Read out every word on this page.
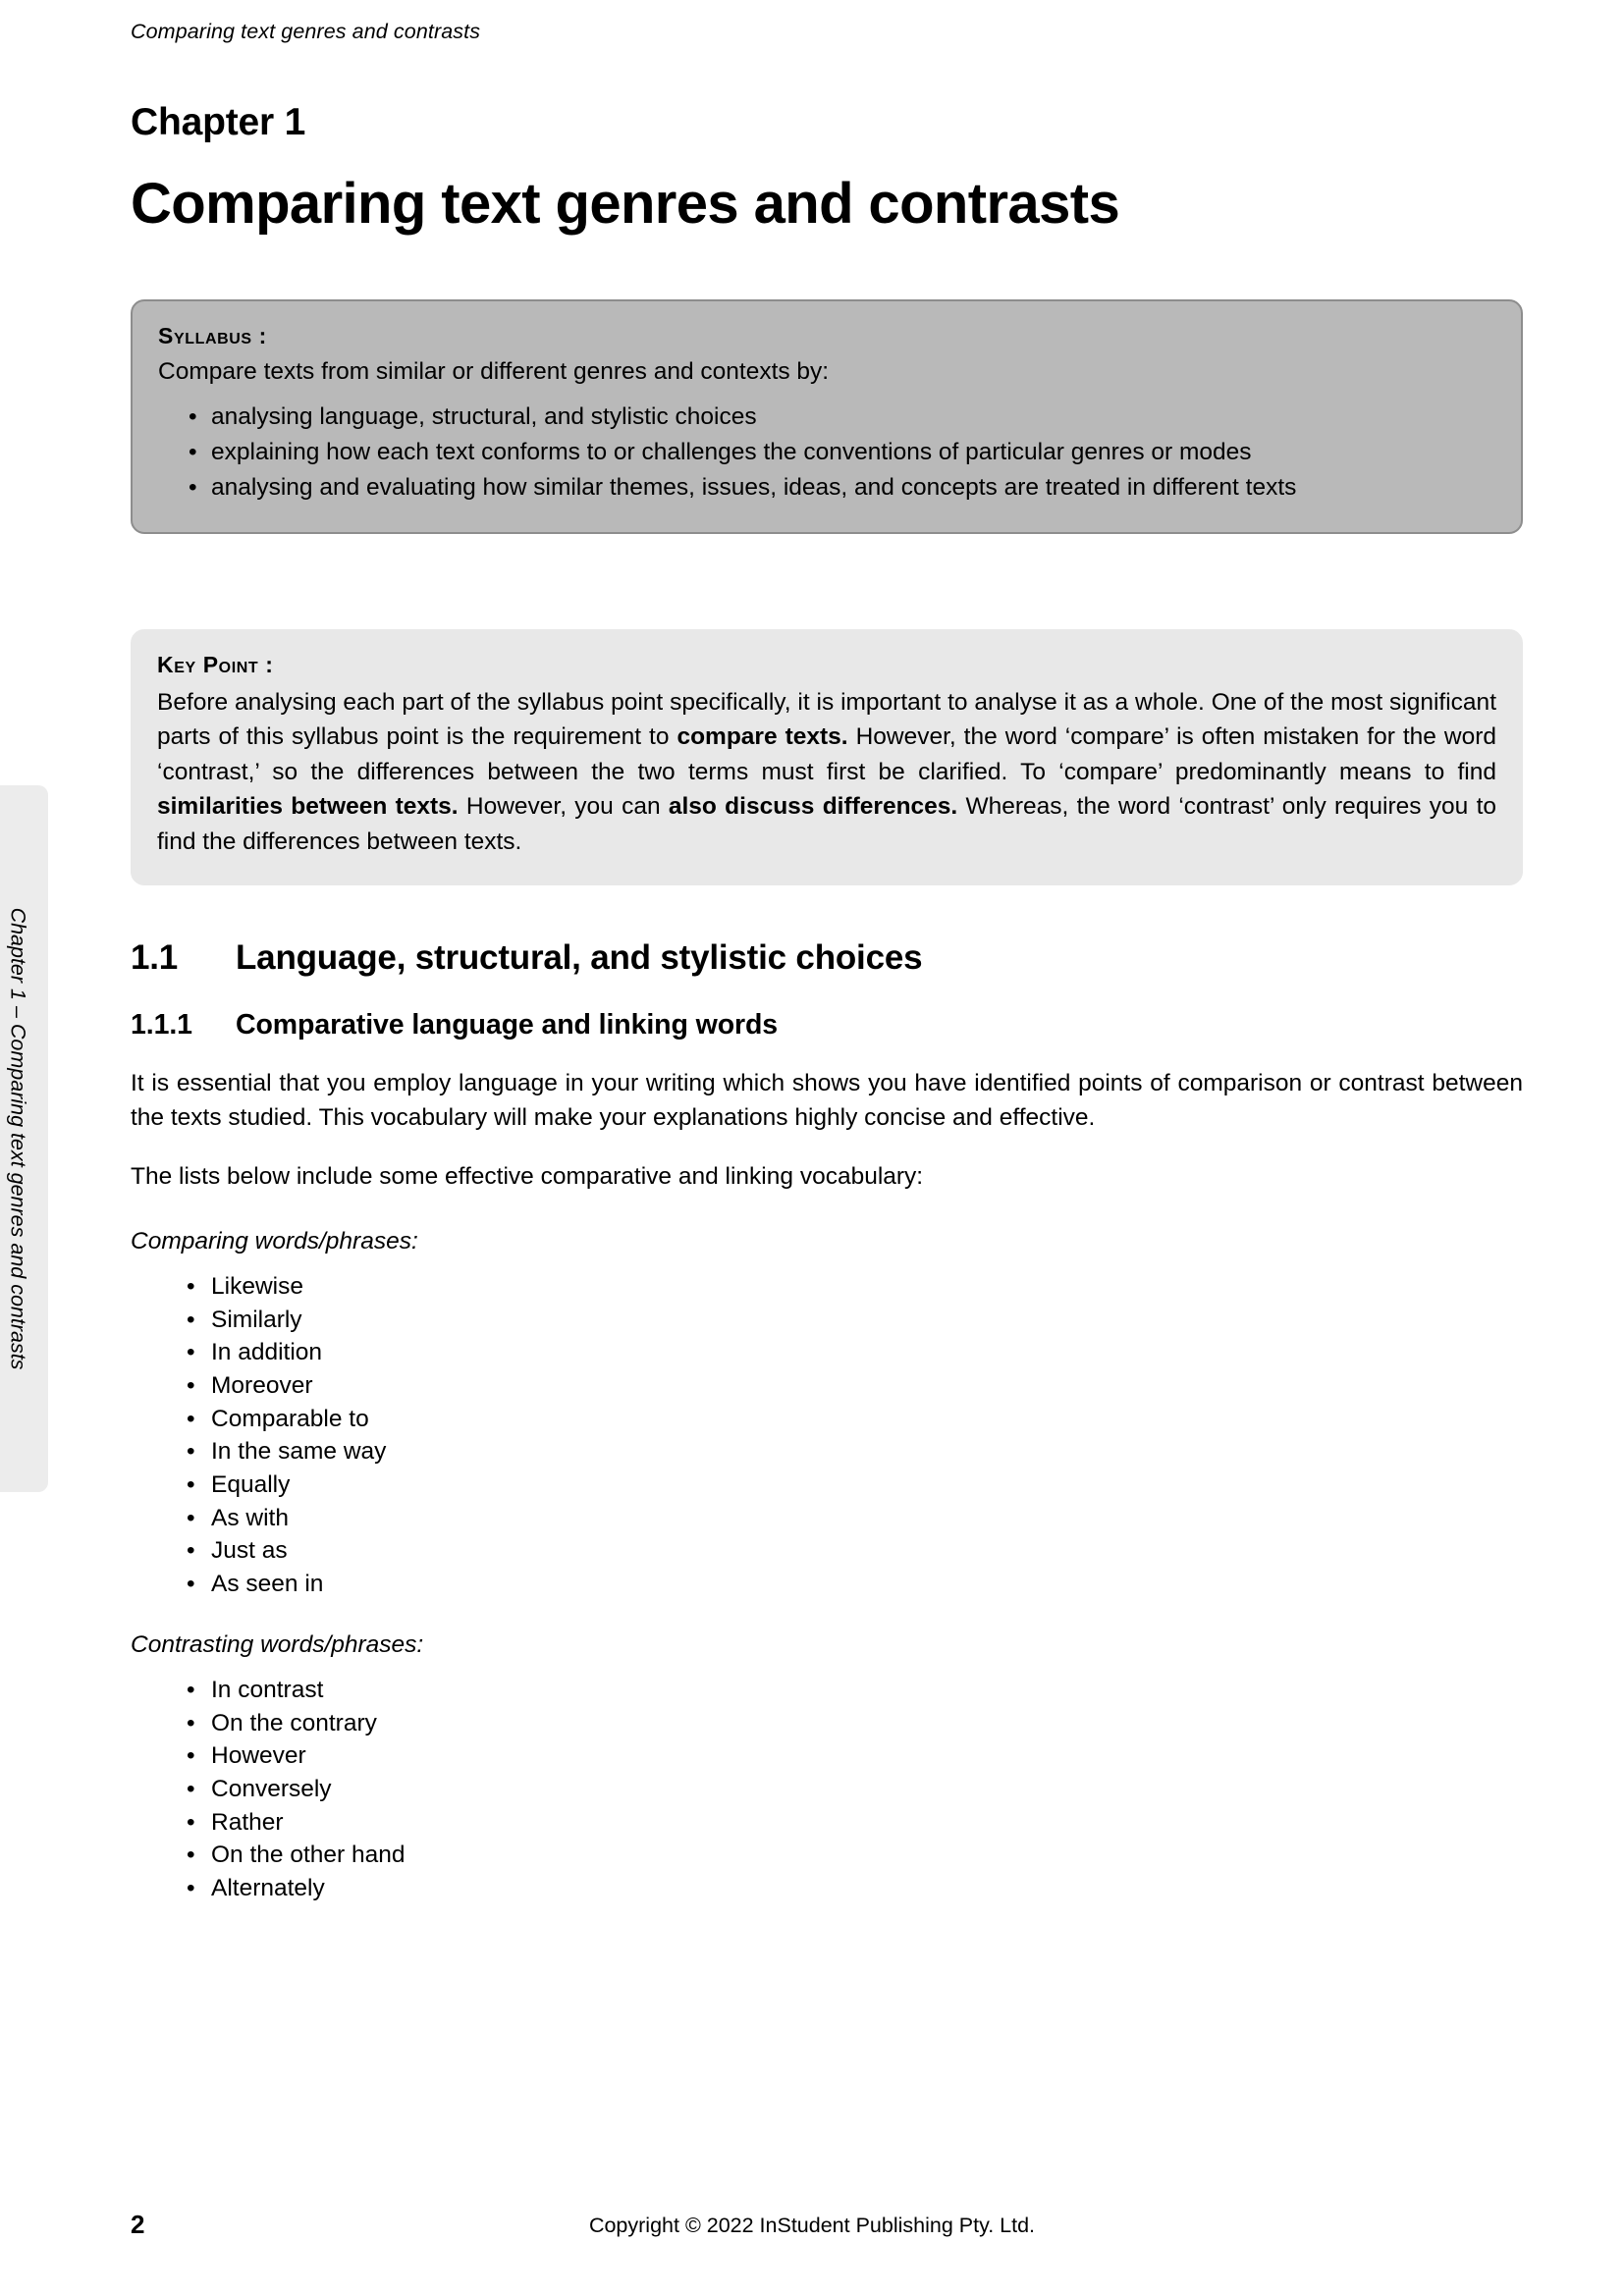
Comparing text genres and contrasts
Chapter 1 – Comparing text genres and contrasts
Chapter 1
Comparing text genres and contrasts
Syllabus :
Compare texts from similar or different genres and contexts by:
• analysing language, structural, and stylistic choices
• explaining how each text conforms to or challenges the conventions of particular genres or modes
• analysing and evaluating how similar themes, issues, ideas, and concepts are treated in different texts
Key Point :
Before analysing each part of the syllabus point specifically, it is important to analyse it as a whole. One of the most significant parts of this syllabus point is the requirement to compare texts. However, the word ‘compare’ is often mistaken for the word ‘contrast,’ so the differences between the two terms must first be clarified. To ‘compare’ predominantly means to find similarities between texts. However, you can also discuss differences. Whereas, the word ‘contrast’ only requires you to find the differences between texts.
1.1	Language, structural, and stylistic choices
1.1.1	Comparative language and linking words

It is essential that you employ language in your writing which shows you have identified points of comparison or contrast between the texts studied. This vocabulary will make your explanations highly concise and effective.

The lists below include some effective comparative and linking vocabulary:

Comparing words/phrases:
• Likewise
• Similarly
• In addition
• Moreover
• Comparable to
• In the same way
• Equally
• As with
• Just as
• As seen in
Contrasting words/phrases:
• In contrast
• On the contrary
• However
• Conversely
• Rather
• On the other hand
• Alternately
2	Copyright © 2022 InStudent Publishing Pty. Ltd.
